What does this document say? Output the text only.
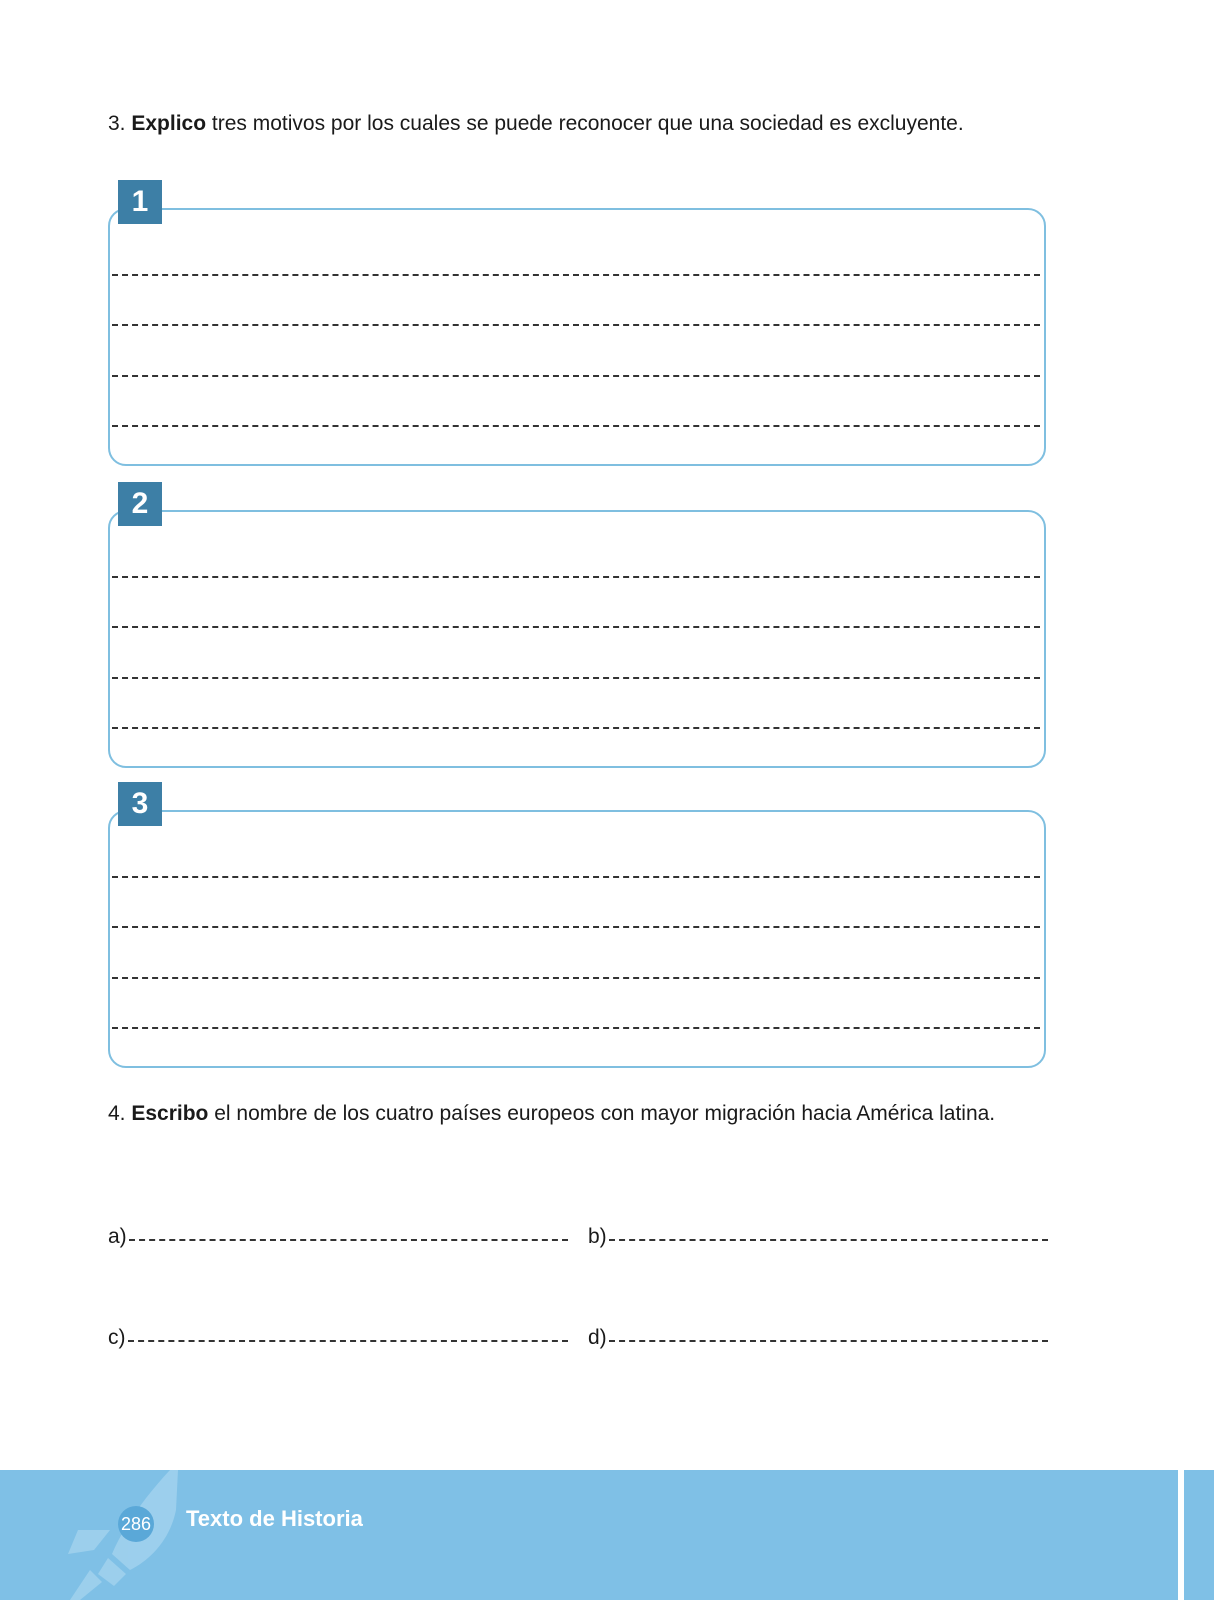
3. Explico tres motivos por los cuales se puede reconocer que una sociedad es excluyente.

1
2
3

4. Escribo el nombre de los cuatro países europeos con mayor migración hacia América latina.

a)	b)
c)	d)
286 Texto de Historia
